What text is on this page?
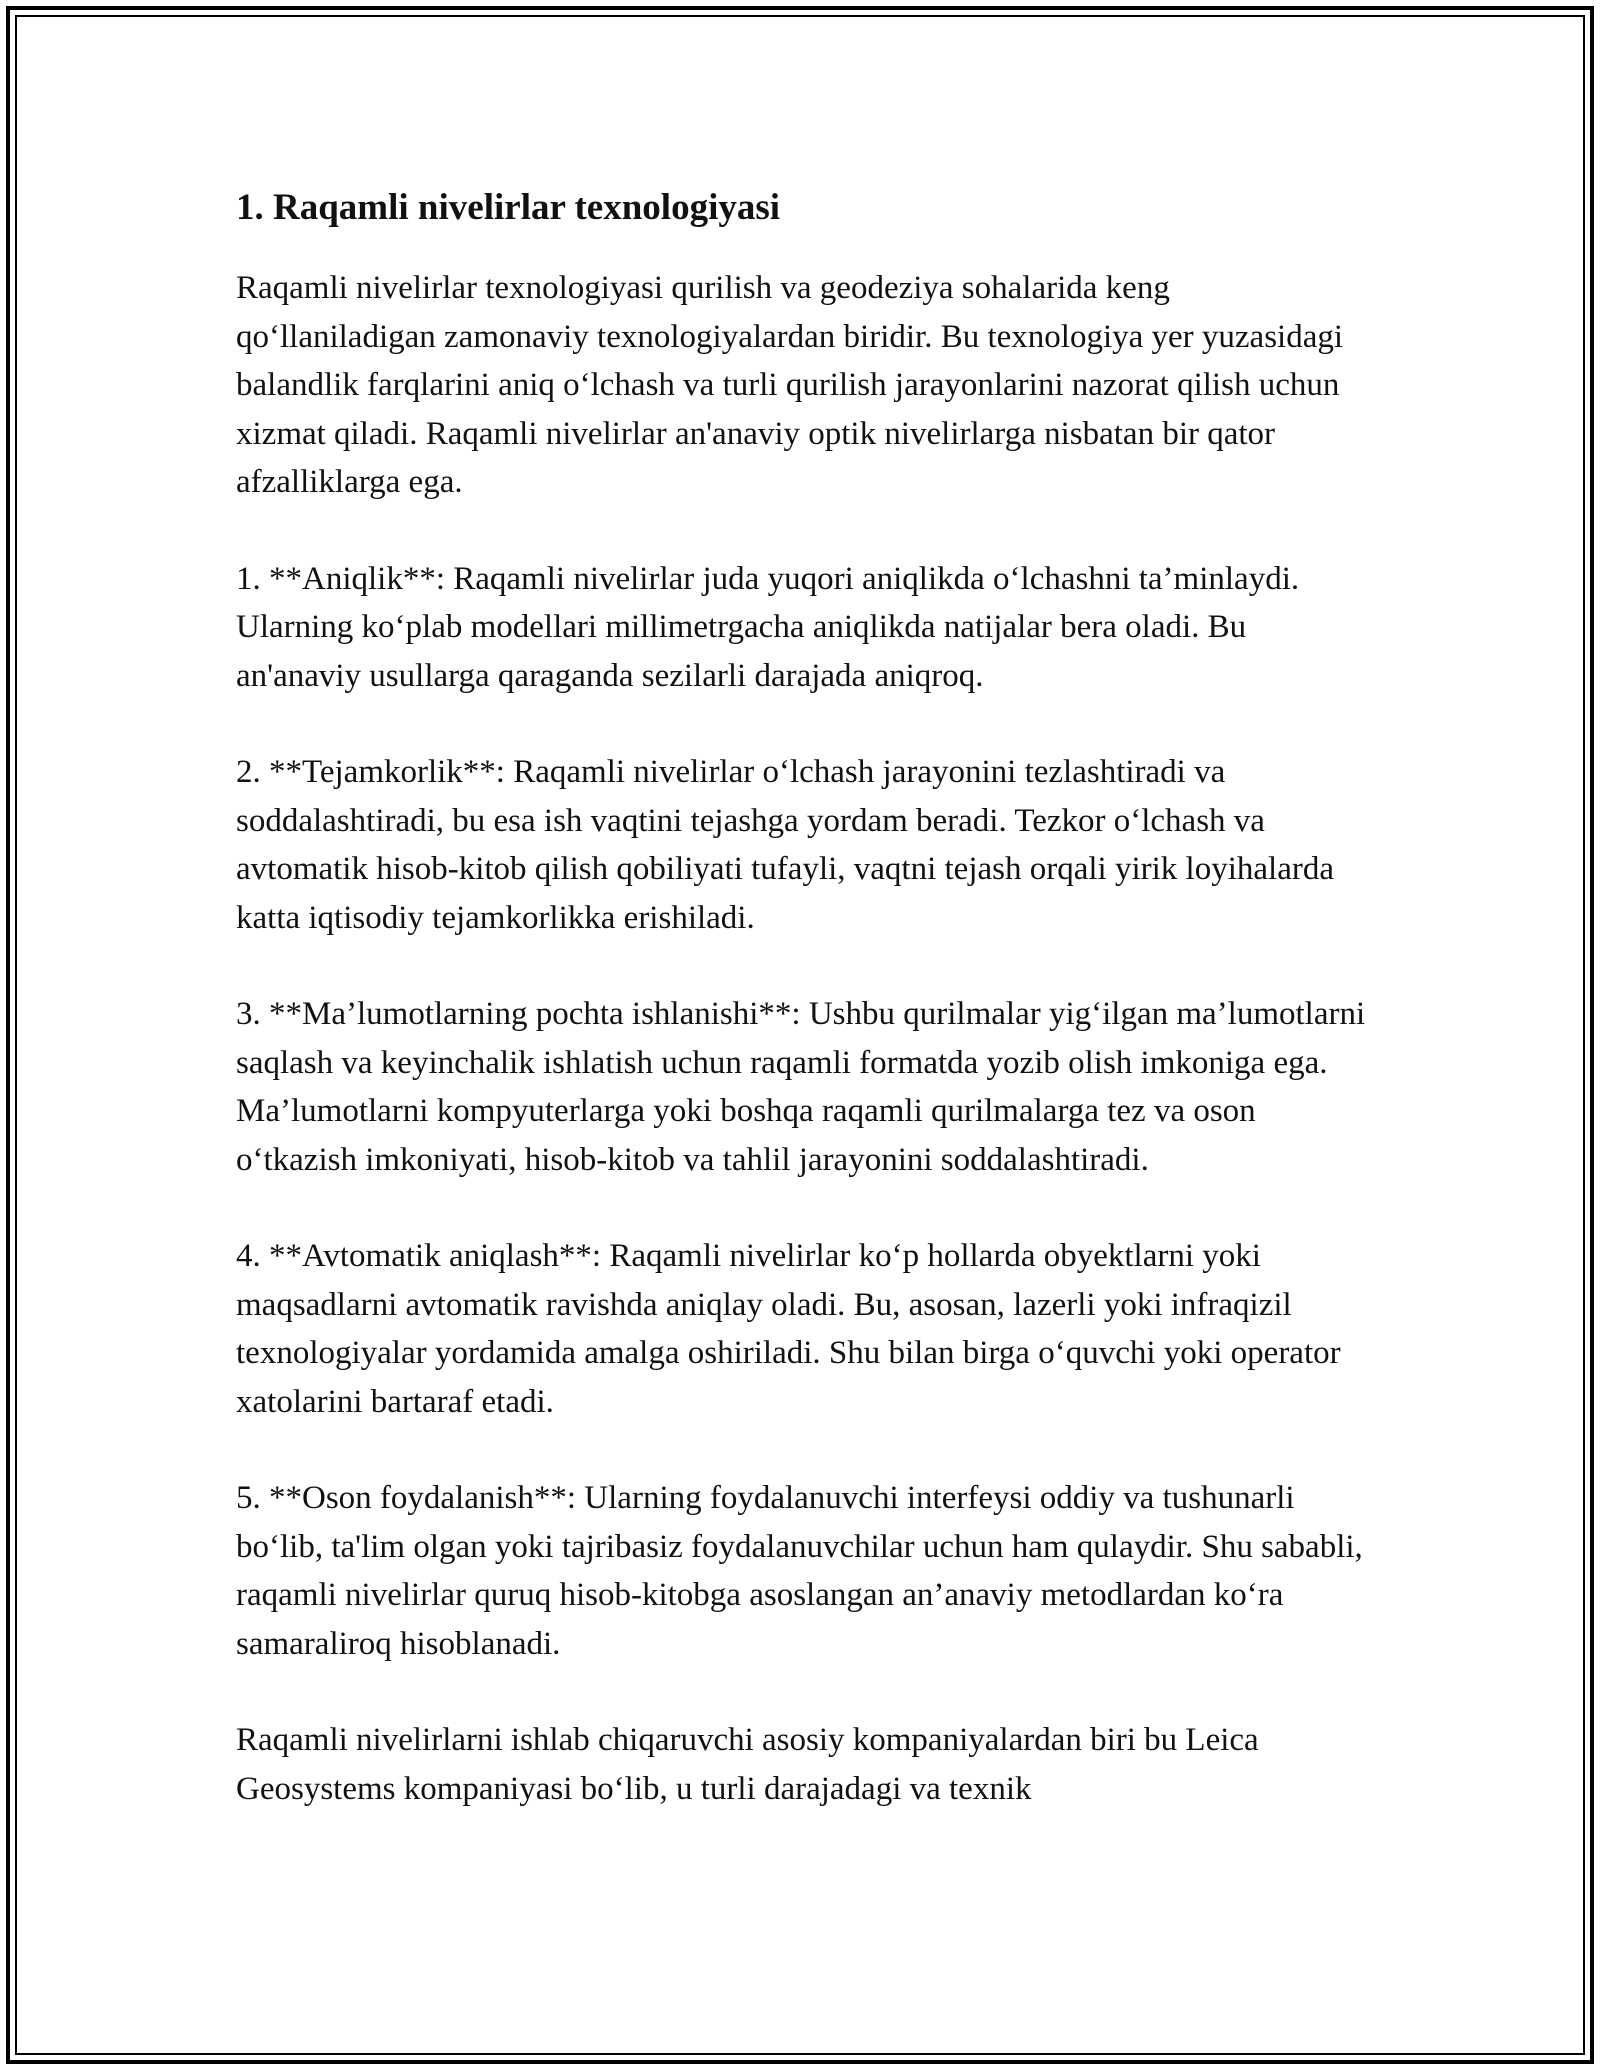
1. Raqamli nivelirlar texnologiyasi

Raqamli nivelirlar texnologiyasi qurilish va geodeziya sohalarida keng qo‘llaniladigan zamonaviy texnologiyalardan biridir. Bu texnologiya yer yuzasidagi balandlik farqlarini aniq o‘lchash va turli qurilish jarayonlarini nazorat qilish uchun xizmat qiladi. Raqamli nivelirlar an'anaviy optik nivelirlarga nisbatan bir qator afzalliklarga ega.

1. **Aniqlik**: Raqamli nivelirlar juda yuqori aniqlikda o‘lchashni ta’minlaydi. Ularning ko‘plab modellari millimetrgacha aniqlikda natijalar bera oladi. Bu an'anaviy usullarga qaraganda sezilarli darajada aniqroq.

2. **Tejamkorlik**: Raqamli nivelirlar o‘lchash jarayonini tezlashtiradi va soddalashtiradi, bu esa ish vaqtini tejashga yordam beradi. Tezkor o‘lchash va avtomatik hisob-kitob qilish qobiliyati tufayli, vaqtni tejash orqali yirik loyihalarda katta iqtisodiy tejamkorlikka erishiladi.

3. **Ma’lumotlarning pochta ishlanishi**: Ushbu qurilmalar yig‘ilgan ma’lumotlarni saqlash va keyinchalik ishlatish uchun raqamli formatda yozib olish imkoniga ega. Ma’lumotlarni kompyuterlarga yoki boshqa raqamli qurilmalarga tez va oson o‘tkazish imkoniyati, hisob-kitob va tahlil jarayonini soddalashtiradi.

4. **Avtomatik aniqlash**: Raqamli nivelirlar ko‘p hollarda obyektlarni yoki maqsadlarni avtomatik ravishda aniqlay oladi. Bu, asosan, lazerli yoki infraqizil texnologiyalar yordamida amalga oshiriladi. Shu bilan birga o‘quvchi yoki operator xatolarini bartaraf etadi.

5. **Oson foydalanish**: Ularning foydalanuvchi interfeysi oddiy va tushunarli bo‘lib, ta'lim olgan yoki tajribasiz foydalanuvchilar uchun ham qulaydir. Shu sababli, raqamli nivelirlar quruq hisob-kitobga asoslangan an’anaviy metodlardan ko‘ra samaraliroq hisoblanadi.

Raqamli nivelirlarni ishlab chiqaruvchi asosiy kompaniyalardan biri bu Leica Geosystems kompaniyasi bo‘lib, u turli darajadagi va texnik
